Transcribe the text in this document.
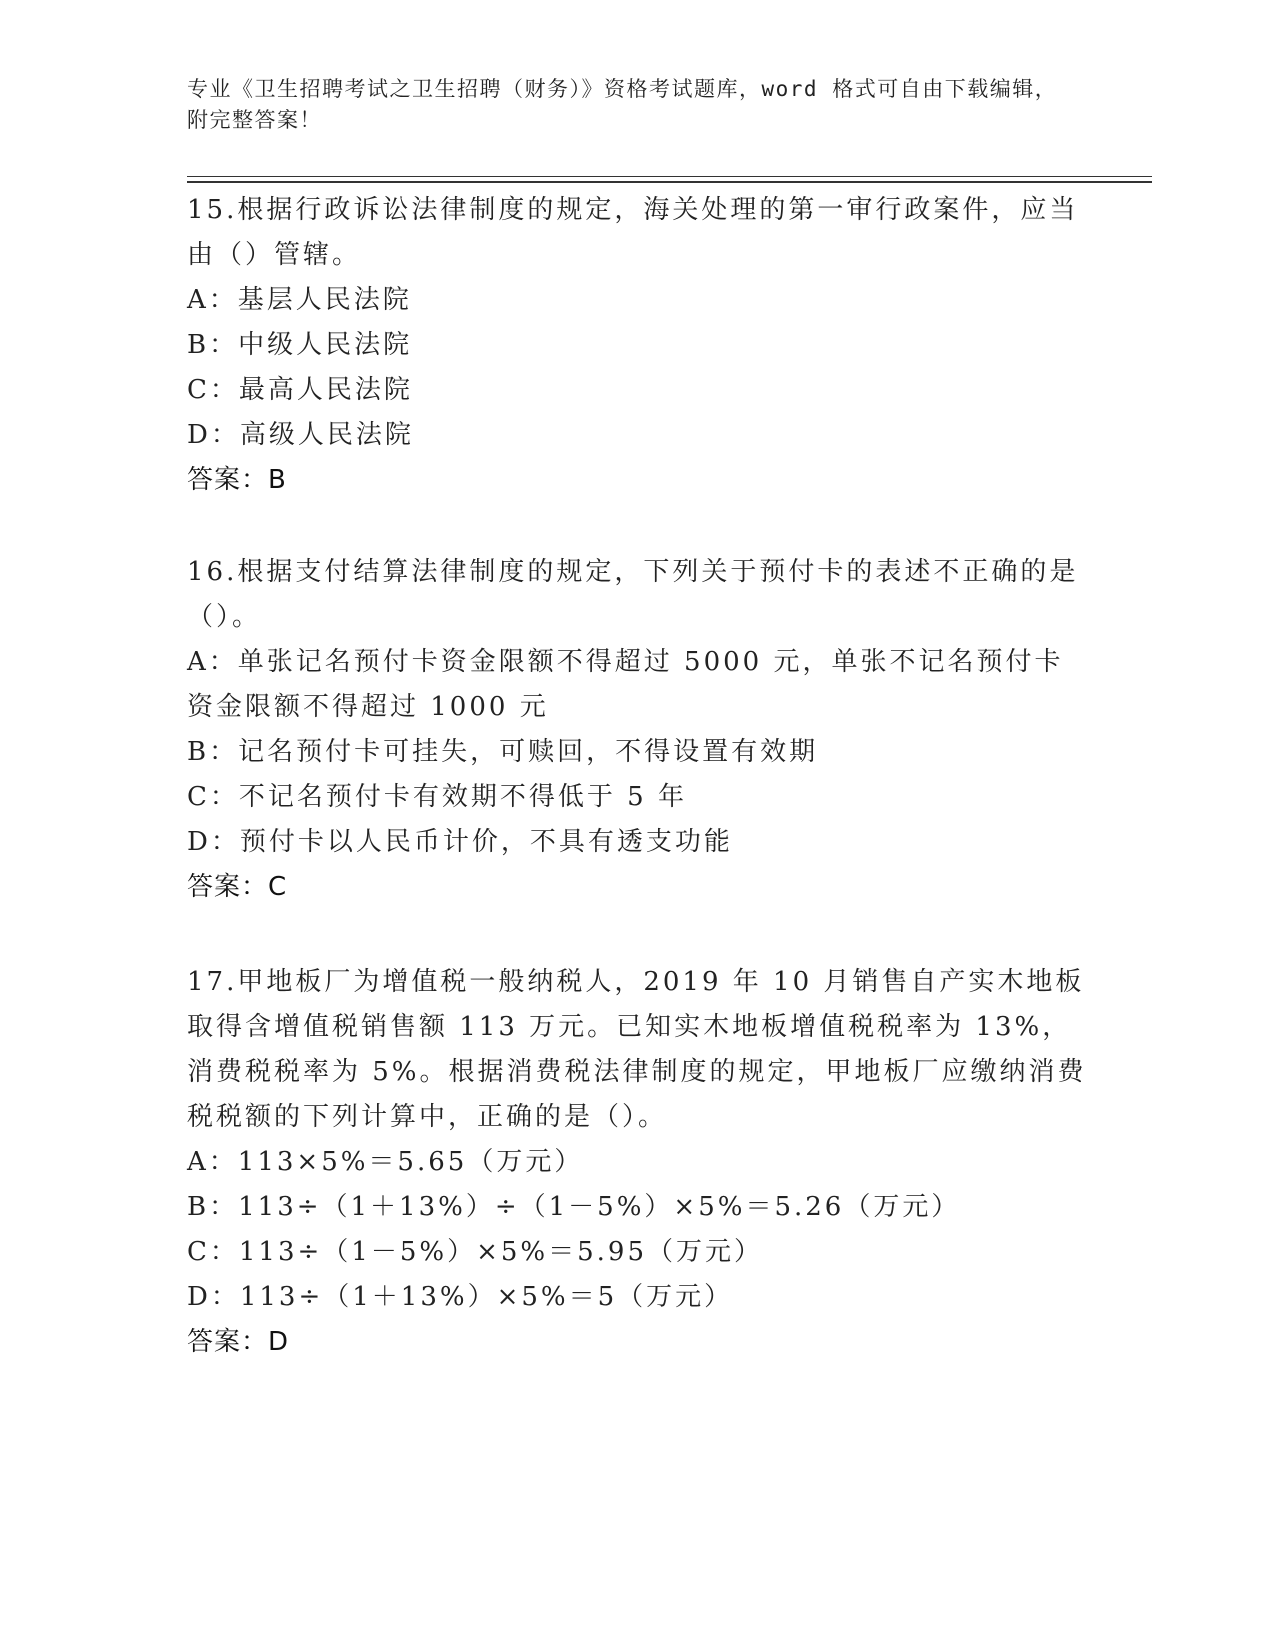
专业《卫生招聘考试之卫生招聘（财务）》资格考试题库，word 格式可自由下载编辑，附完整答案！

15.根据行政诉讼法律制度的规定，海关处理的第一审行政案件，应当由（）管辖。

A：基层人民法院

B：中级人民法院

C：最高人民法院

D：高级人民法院

答案：B

16.根据支付结算法律制度的规定，下列关于预付卡的表述不正确的是（）。

A：单张记名预付卡资金限额不得超过 5000 元，单张不记名预付卡资金限额不得超过 1000 元

B：记名预付卡可挂失，可赎回，不得设置有效期

C：不记名预付卡有效期不得低于 5 年

D：预付卡以人民币计价，不具有透支功能

答案：C

17.甲地板厂为增值税一般纳税人，2019 年 10 月销售自产实木地板取得含增值税销售额 113 万元。已知实木地板增值税税率为 13%，消费税税率为 5%。根据消费税法律制度的规定，甲地板厂应缴纳消费税税额的下列计算中，正确的是（）。

A：113×5%＝5.65（万元）

B：113÷（1＋13%）÷（1－5%）×5%＝5.26（万元）

C：113÷（1－5%）×5%＝5.95（万元）

D：113÷（1＋13%）×5%＝5（万元）

答案：D
